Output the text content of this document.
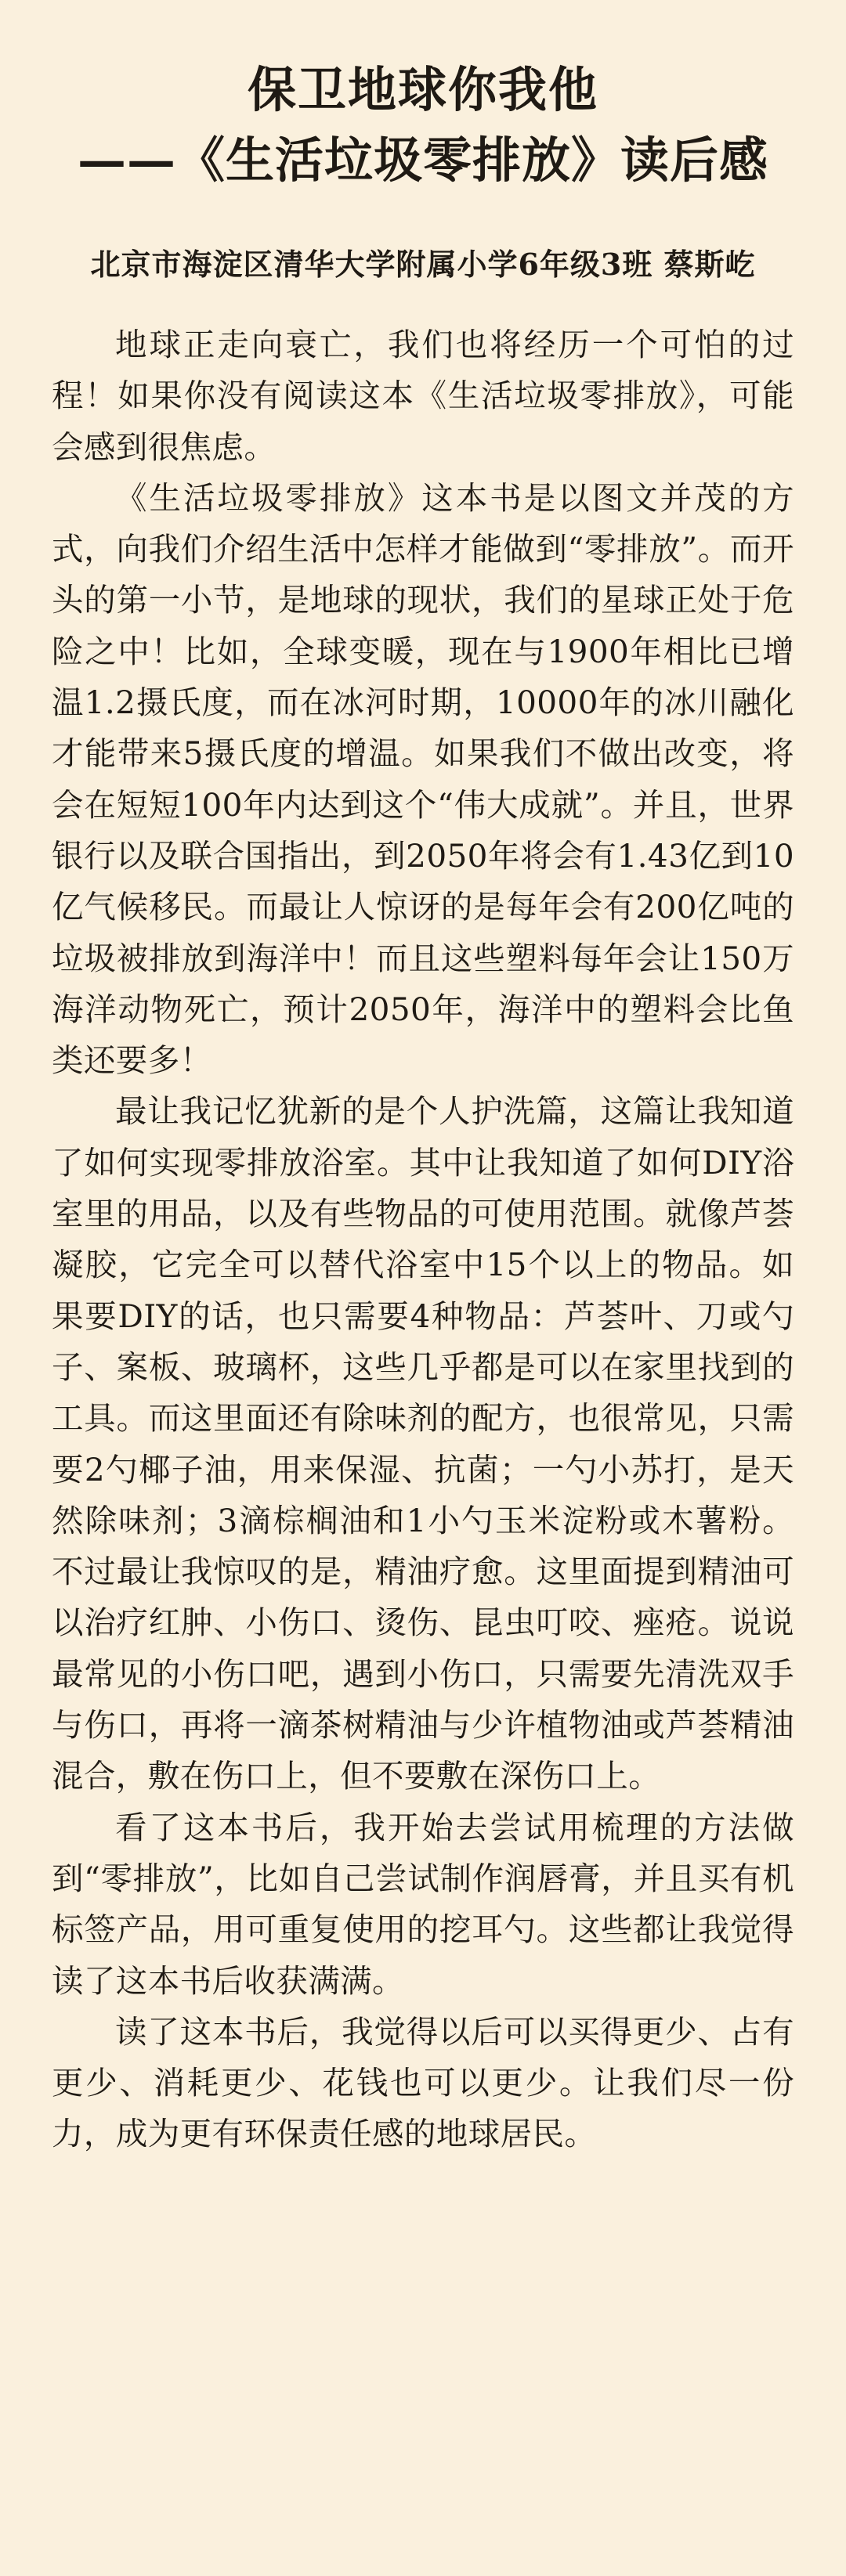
保卫地球你我他
——《生活垃圾零排放》读后感
北京市海淀区清华大学附属小学6年级3班 蔡斯屹

地球正走向衰亡，我们也将经历一个可怕的过程！如果你没有阅读这本《生活垃圾零排放》，可能会感到很焦虑。

《生活垃圾零排放》这本书是以图文并茂的方式，向我们介绍生活中怎样才能做到“零排放”。而开头的第一小节，是地球的现状，我们的星球正处于危险之中！比如，全球变暖，现在与1900年相比已增温1.2摄氏度，而在冰河时期，10000年的冰川融化才能带来5摄氏度的增温。如果我们不做出改变，将会在短短100年内达到这个“伟大成就”。并且，世界银行以及联合国指出，到2050年将会有1.43亿到10亿气候移民。而最让人惊讶的是每年会有200亿吨的垃圾被排放到海洋中！而且这些塑料每年会让150万海洋动物死亡，预计2050年，海洋中的塑料会比鱼类还要多！

最让我记忆犹新的是个人护洗篇，这篇让我知道了如何实现零排放浴室。其中让我知道了如何DIY浴室里的用品，以及有些物品的可使用范围。就像芦荟凝胶，它完全可以替代浴室中15个以上的物品。如果要DIY的话，也只需要4种物品：芦荟叶、刀或勺子、案板、玻璃杯，这些几乎都是可以在家里找到的工具。而这里面还有除味剂的配方，也很常见，只需要2勺椰子油，用来保湿、抗菌；一勺小苏打，是天然除味剂；3滴棕榈油和1小勺玉米淀粉或木薯粉。不过最让我惊叹的是，精油疗愈。这里面提到精油可以治疗红肿、小伤口、烫伤、昆虫叮咬、痤疮。说说最常见的小伤口吧，遇到小伤口，只需要先清洗双手与伤口，再将一滴茶树精油与少许植物油或芦荟精油混合，敷在伤口上，但不要敷在深伤口上。

看了这本书后，我开始去尝试用梳理的方法做到“零排放”，比如自己尝试制作润唇膏，并且买有机标签产品，用可重复使用的挖耳勺。这些都让我觉得读了这本书后收获满满。

读了这本书后，我觉得以后可以买得更少、占有更少、消耗更少、花钱也可以更少。让我们尽一份力，成为更有环保责任感的地球居民。
